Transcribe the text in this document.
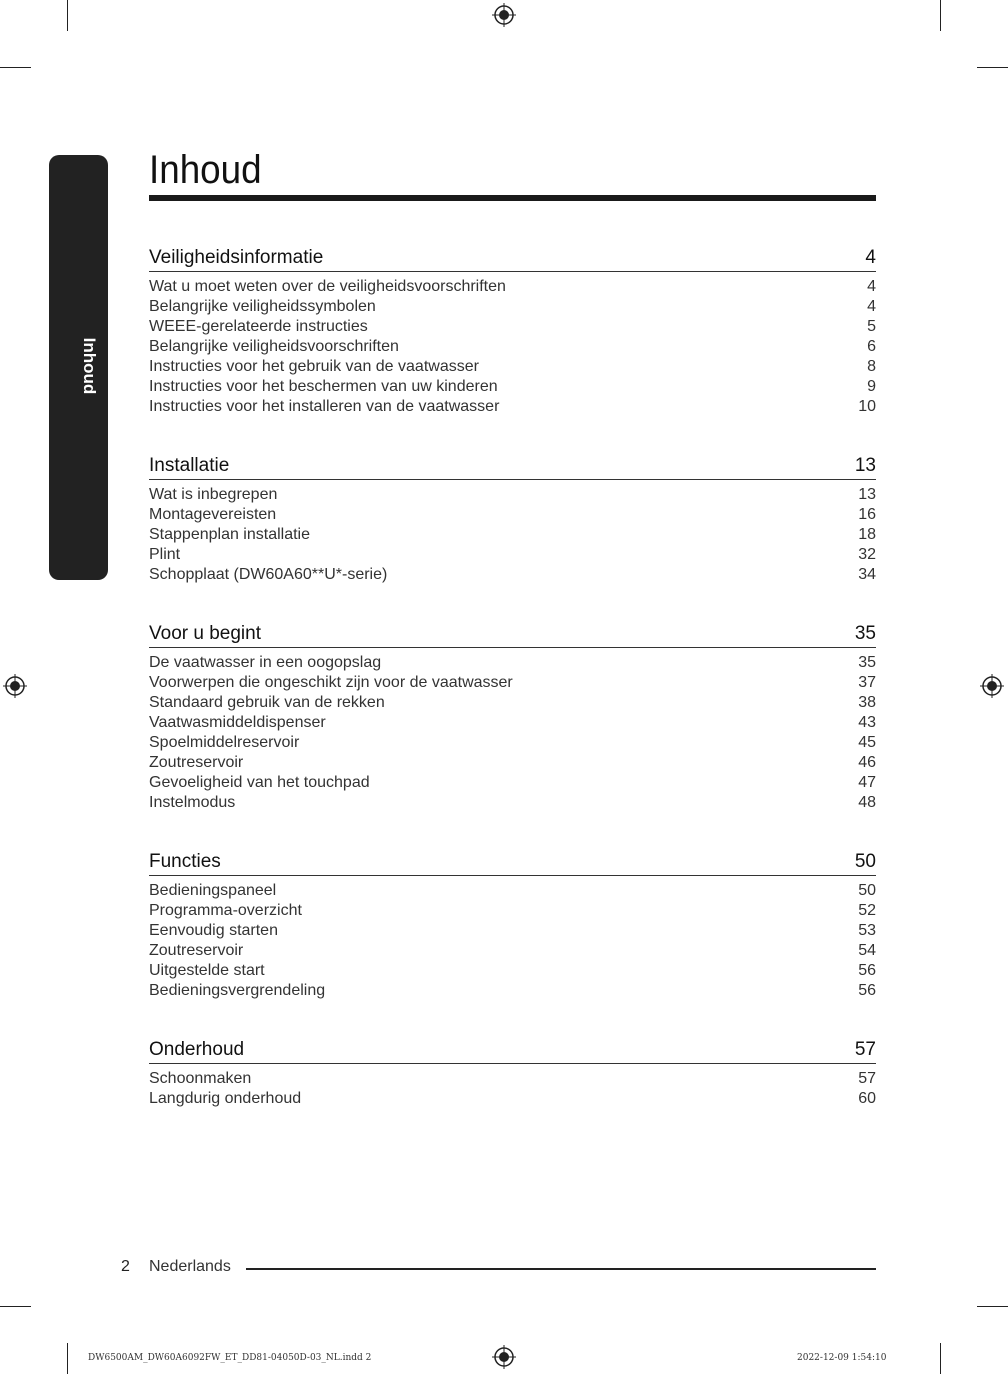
Inhoud
Inhoud
Veiligheidsinformatie	4
Wat u moet weten over de veiligheidsvoorschriften	4
Belangrijke veiligheidssymbolen	4
WEEE-gerelateerde instructies	5
Belangrijke veiligheidsvoorschriften	6
Instructies voor het gebruik van de vaatwasser	8
Instructies voor het beschermen van uw kinderen	9
Instructies voor het installeren van de vaatwasser	10
Installatie	13
Wat is inbegrepen	13
Montagevereisten	16
Stappenplan installatie	18
Plint	32
Schopplaat (DW60A60**U*-serie)	34
Voor u begint	35
De vaatwasser in een oogopslag	35
Voorwerpen die ongeschikt zijn voor de vaatwasser	37
Standaard gebruik van de rekken	38
Vaatwasmiddeldispenser	43
Spoelmiddelreservoir	45
Zoutreservoir	46
Gevoeligheid van het touchpad	47
Instelmodus	48
Functies	50
Bedieningspaneel	50
Programma-overzicht	52
Eenvoudig starten	53
Zoutreservoir	54
Uitgestelde start	56
Bedieningsvergrendeling	56
Onderhoud	57
Schoonmaken	57
Langdurig onderhoud	60
2 Nederlands
DW6500AM_DW60A6092FW_ET_DD81-04050D-03_NL.indd 2	2022-12-09 1:54:10
